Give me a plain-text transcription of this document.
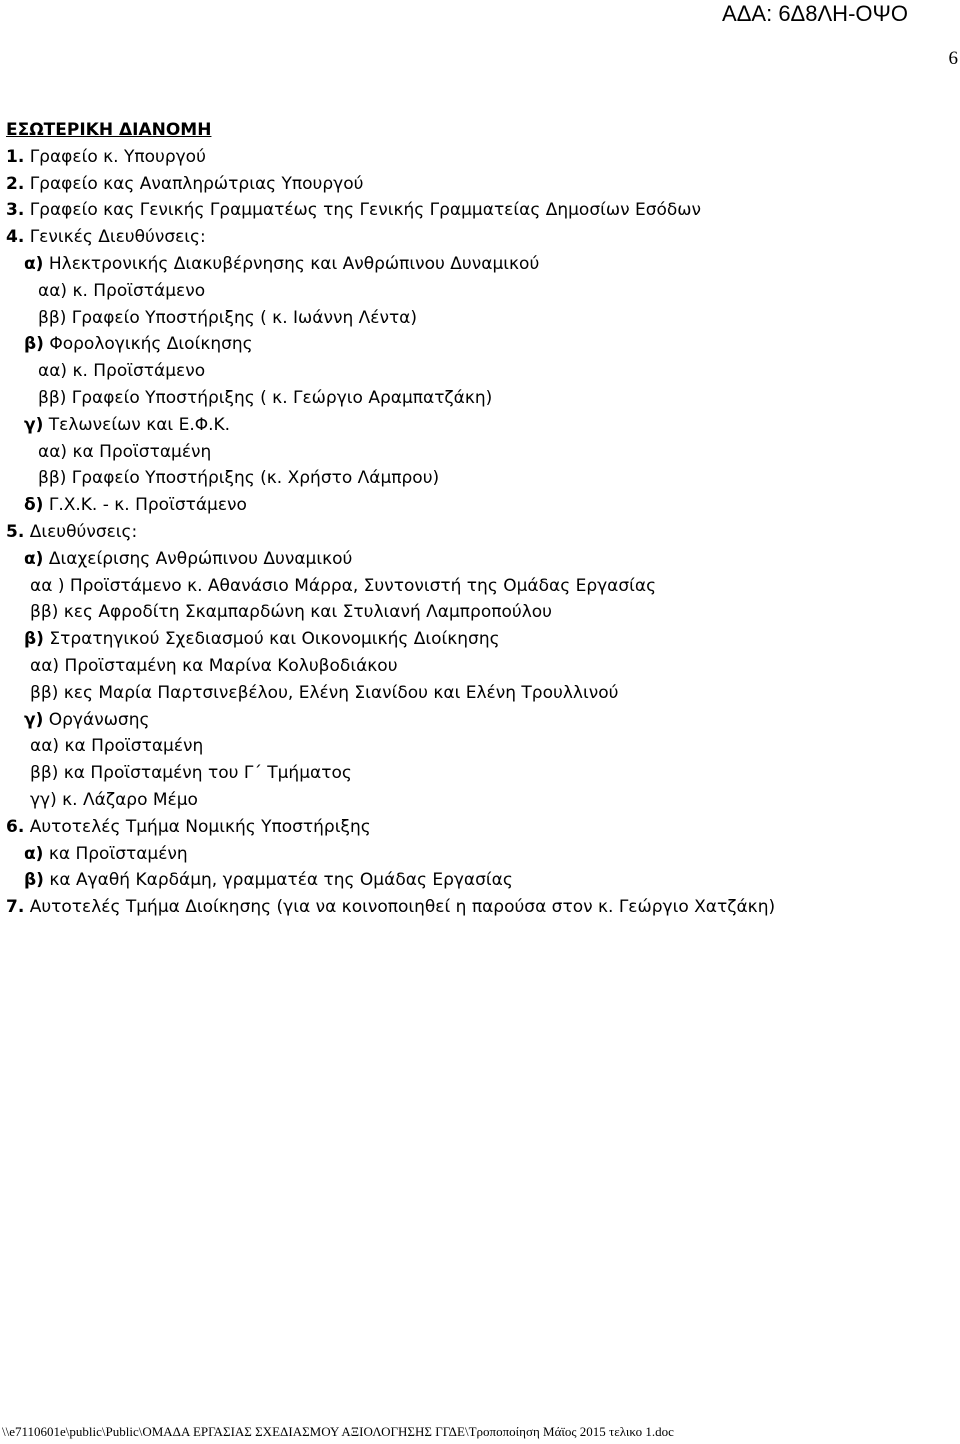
ΑΔΑ: 6Δ8ΛΗ-ΟΨΟ
6
ΕΣΩΤΕΡΙΚΗ ΔΙΑΝΟΜΗ
1. Γραφείο κ. Υπουργού
2. Γραφείο κας Αναπληρώτριας Υπουργού
3. Γραφείο κας Γενικής Γραμματέως της Γενικής Γραμματείας Δημοσίων Εσόδων
4. Γενικές Διευθύνσεις:
α) Ηλεκτρονικής Διακυβέρνησης και Ανθρώπινου Δυναμικού
αα) κ. Προϊστάμενο
ββ) Γραφείο Υποστήριξης ( κ. Ιωάννη Λέντα)
β) Φορολογικής Διοίκησης
αα) κ. Προϊστάμενο
ββ) Γραφείο Υποστήριξης ( κ. Γεώργιο Αραμπατζάκη)
γ) Τελωνείων και Ε.Φ.Κ.
αα) κα Προϊσταμένη
ββ) Γραφείο Υποστήριξης (κ. Χρήστο Λάμπρου)
δ) Γ.Χ.Κ. - κ. Προϊστάμενο
5. Διευθύνσεις:
α) Διαχείρισης Ανθρώπινου Δυναμικού
αα ) Προϊστάμενο κ. Αθανάσιο Μάρρα, Συντονιστή της Ομάδας Εργασίας
ββ) κες Αφροδίτη Σκαμπαρδώνη και Στυλιανή Λαμπροπούλου
β) Στρατηγικού Σχεδιασμού και Οικονομικής Διοίκησης
αα) Προϊσταμένη κα Μαρίνα Κολυβοδιάκου
ββ) κες Μαρία Παρτσινεβέλου, Ελένη Σιανίδου και Ελένη Τρουλλινού
γ) Οργάνωσης
αα) κα Προϊσταμένη
ββ) κα Προϊσταμένη του Γ΄ Τμήματος
γγ) κ. Λάζαρο Μέμο
6. Αυτοτελές Τμήμα Νομικής Υποστήριξης
α) κα Προϊσταμένη
β) κα Αγαθή Καρδάμη, γραμματέα της Ομάδας Εργασίας
7. Αυτοτελές Τμήμα Διοίκησης (για να κοινοποιηθεί η παρούσα στον κ. Γεώργιο Χατζάκη)
\\e7110601e\public\Public\ΟΜΑΔΑ ΕΡΓΑΣΙΑΣ ΣΧΕΔΙΑΣΜΟΥ ΑΞΙΟΛΟΓΗΣΗΣ ΓΓΔΕ\Τροποποίηση Μάϊος 2015 τελικο 1.doc
